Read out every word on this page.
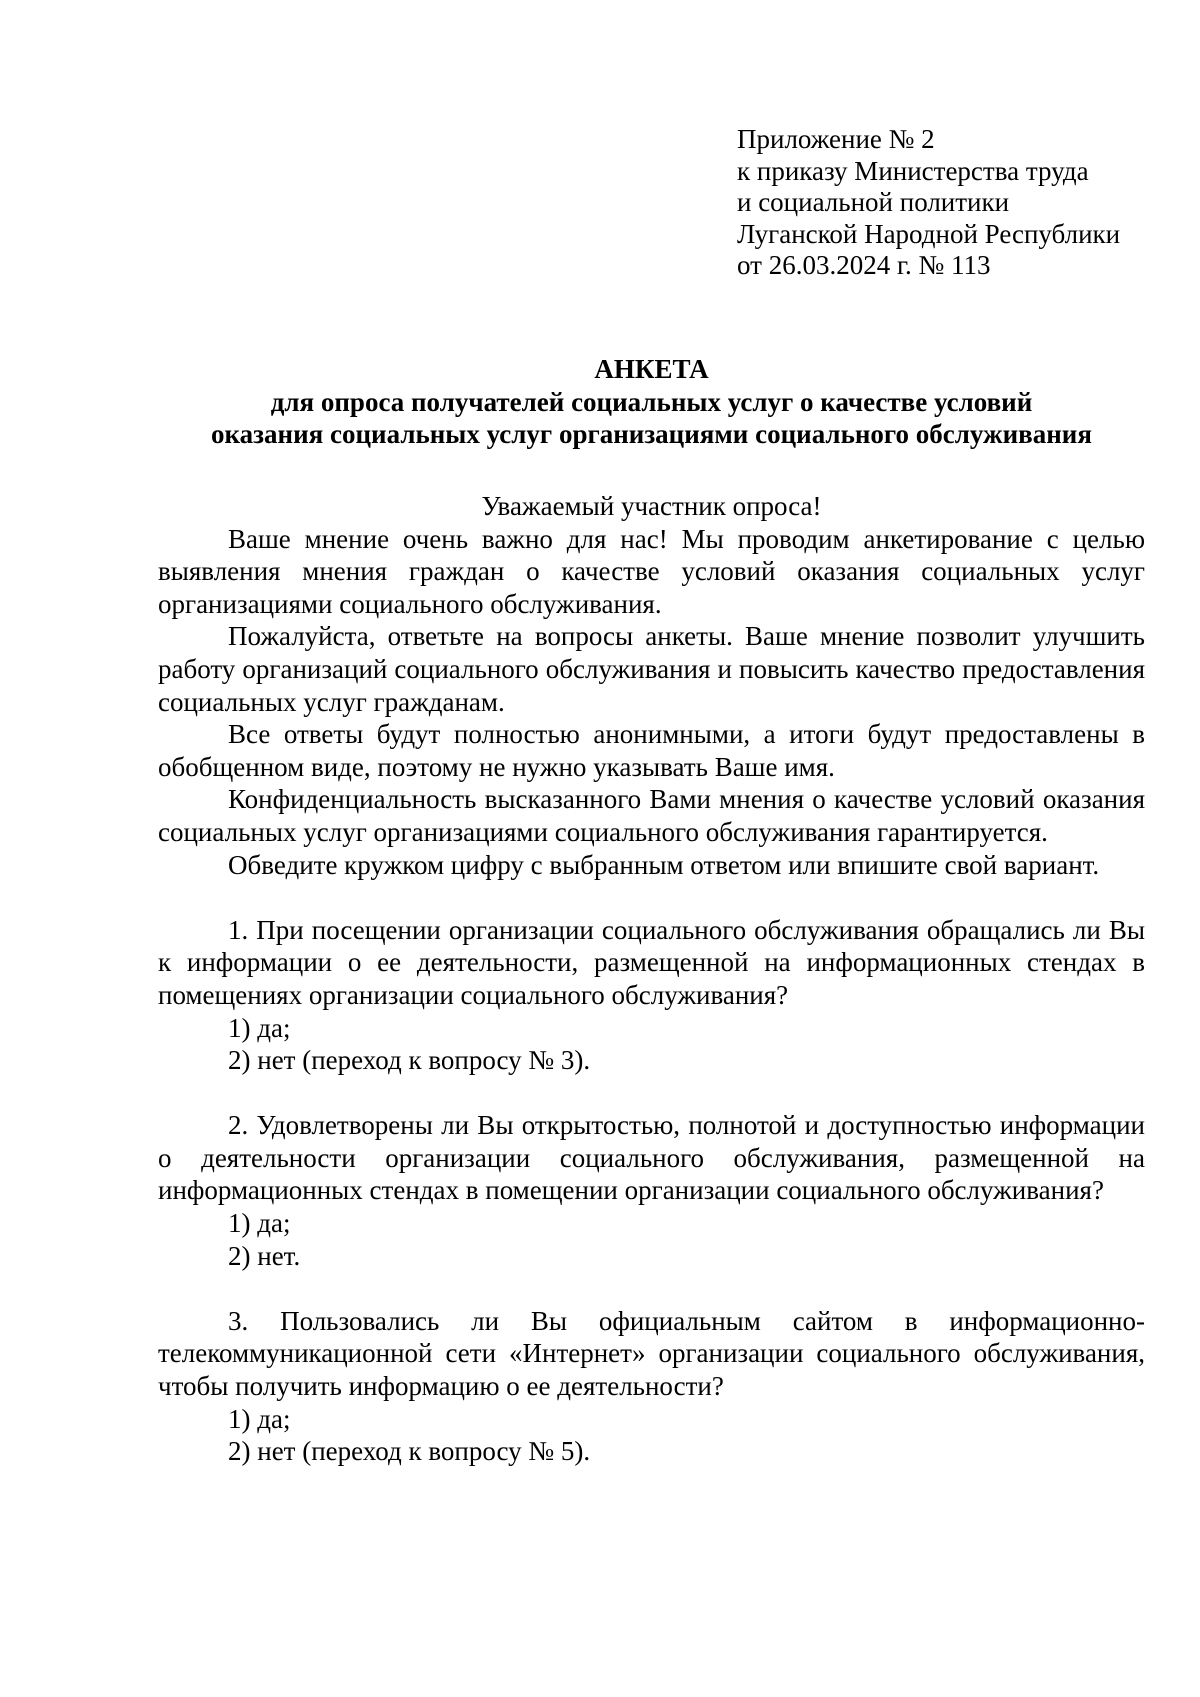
Приложение № 2
к приказу Министерства труда
и социальной политики
Луганской Народной Республики
от 26.03.2024 г. № 113
АНКЕТА
для опроса получателей социальных услуг о качестве условий
оказания социальных услуг организациями социального обслуживания
Уважаемый участник опроса!

Ваше мнение очень важно для нас! Мы проводим анкетирование с целью выявления мнения граждан о качестве условий оказания социальных услуг организациями социального обслуживания.

Пожалуйста, ответьте на вопросы анкеты. Ваше мнение позволит улучшить работу организаций социального обслуживания и повысить качество предоставления социальных услуг гражданам.

Все ответы будут полностью анонимными, а итоги будут предоставлены в обобщенном виде, поэтому не нужно указывать Ваше имя.

Конфиденциальность высказанного Вами мнения о качестве условий оказания социальных услуг организациями социального обслуживания гарантируется.

Обведите кружком цифру с выбранным ответом или впишите свой вариант.

1. При посещении организации социального обслуживания обращались ли Вы к информации о ее деятельности, размещенной на информационных стендах в помещениях организации социального обслуживания?

1) да;

2) нет (переход к вопросу № 3).

2. Удовлетворены ли Вы открытостью, полнотой и доступностью информации о деятельности организации социального обслуживания, размещенной на информационных стендах в помещении организации социального обслуживания?

1) да;

2) нет.

3. Пользовались ли Вы официальным сайтом в информационно-телекоммуникационной сети «Интернет» организации социального обслуживания, чтобы получить информацию о ее деятельности?

1) да;

2) нет (переход к вопросу № 5).
